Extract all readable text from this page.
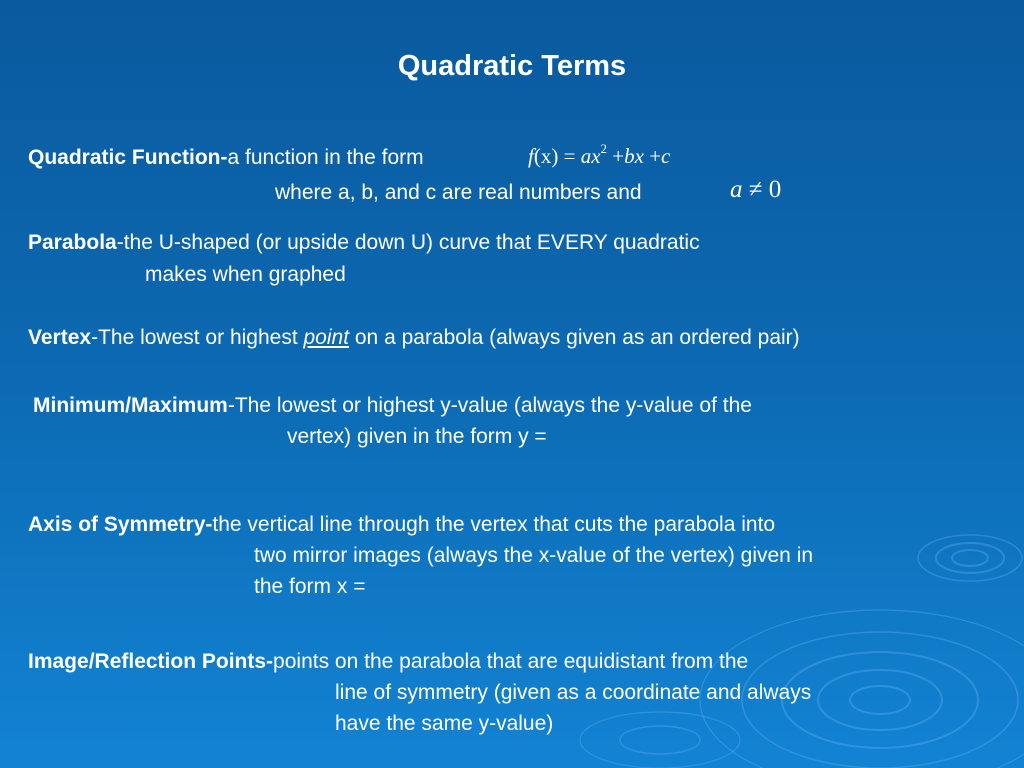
Quadratic Terms
Quadratic Function-a function in the form	$f(x) = ax^2 +bx +c$
where a, b, and c are real numbers and	a ≠ 0
Parabola-the U-shaped (or upside down U) curve that EVERY quadratic
makes when graphed
Vertex-The lowest or highest point on a parabola (always given as an ordered pair)
Minimum/Maximum-The lowest or highest y-value (always the y-value of the
vertex) given in the form y =
Axis of Symmetry-the vertical line through the vertex that cuts the parabola into
two mirror images (always the x-value of the vertex) given in
the form x =
Image/Reflection Points-points on the parabola that are equidistant from the
line of symmetry (given as a coordinate and always
have the same y-value)
